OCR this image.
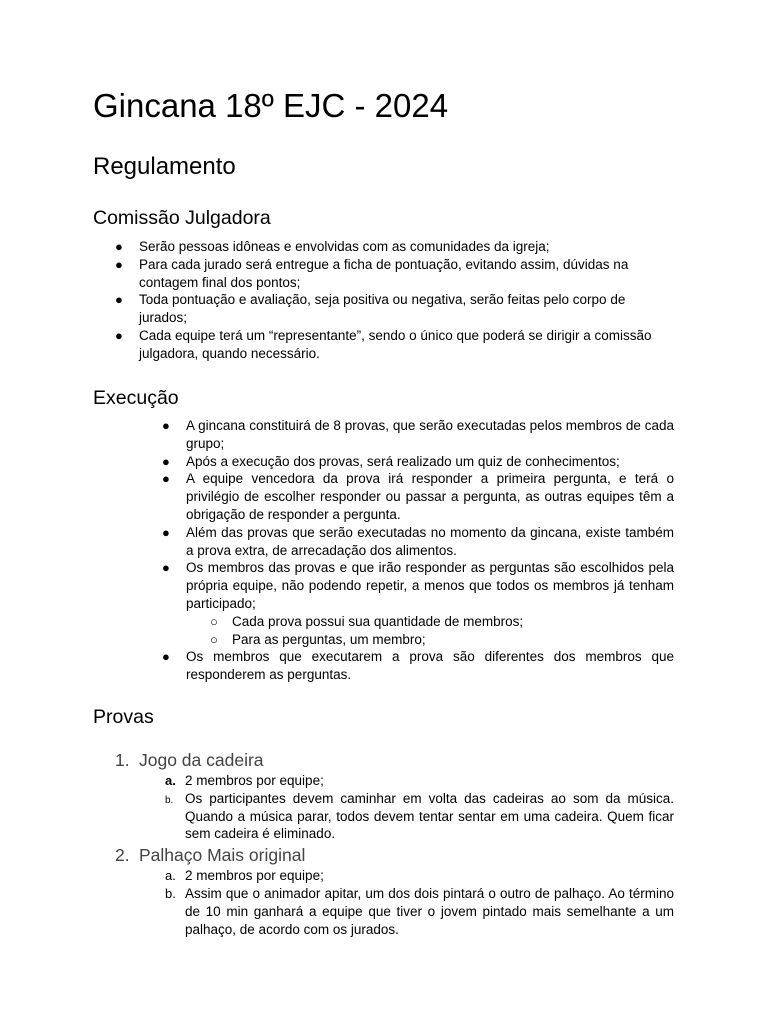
Gincana 18º EJC - 2024
Regulamento
Comissão Julgadora
● Serão pessoas idôneas e envolvidas com as comunidades da igreja;
● Para cada jurado será entregue a ficha de pontuação, evitando assim, dúvidas na contagem final dos pontos;
● Toda pontuação e avaliação, seja positiva ou negativa, serão feitas pelo corpo de jurados;
● Cada equipe terá um “representante”, sendo o único que poderá se dirigir a comissão julgadora, quando necessário.
Execução
● A gincana constituirá de 8 provas, que serão executadas pelos membros de cada grupo;
● Após a execução dos provas, será realizado um quiz de conhecimentos;
● A equipe vencedora da prova irá responder a primeira pergunta, e terá o privilégio de escolher responder ou passar a pergunta, as outras equipes têm a obrigação de responder a pergunta.
● Além das provas que serão executadas no momento da gincana, existe também a prova extra, de arrecadação dos alimentos.
● Os membros das provas e que irão responder as perguntas são escolhidos pela própria equipe, não podendo repetir, a menos que todos os membros já tenham participado;
○ Cada prova possui sua quantidade de membros;
○ Para as perguntas, um membro;
● Os membros que executarem a prova são diferentes dos membros que responderem as perguntas.
Provas
1. Jogo da cadeira
a. 2 membros por equipe;
b. Os participantes devem caminhar em volta das cadeiras ao som da música. Quando a música parar, todos devem tentar sentar em uma cadeira. Quem ficar sem cadeira é eliminado.
2. Palhaço Mais original
a. 2 membros por equipe;
b. Assim que o animador apitar, um dos dois pintará o outro de palhaço. Ao término de 10 min ganhará a equipe que tiver o jovem pintado mais semelhante a um palhaço, de acordo com os jurados.
